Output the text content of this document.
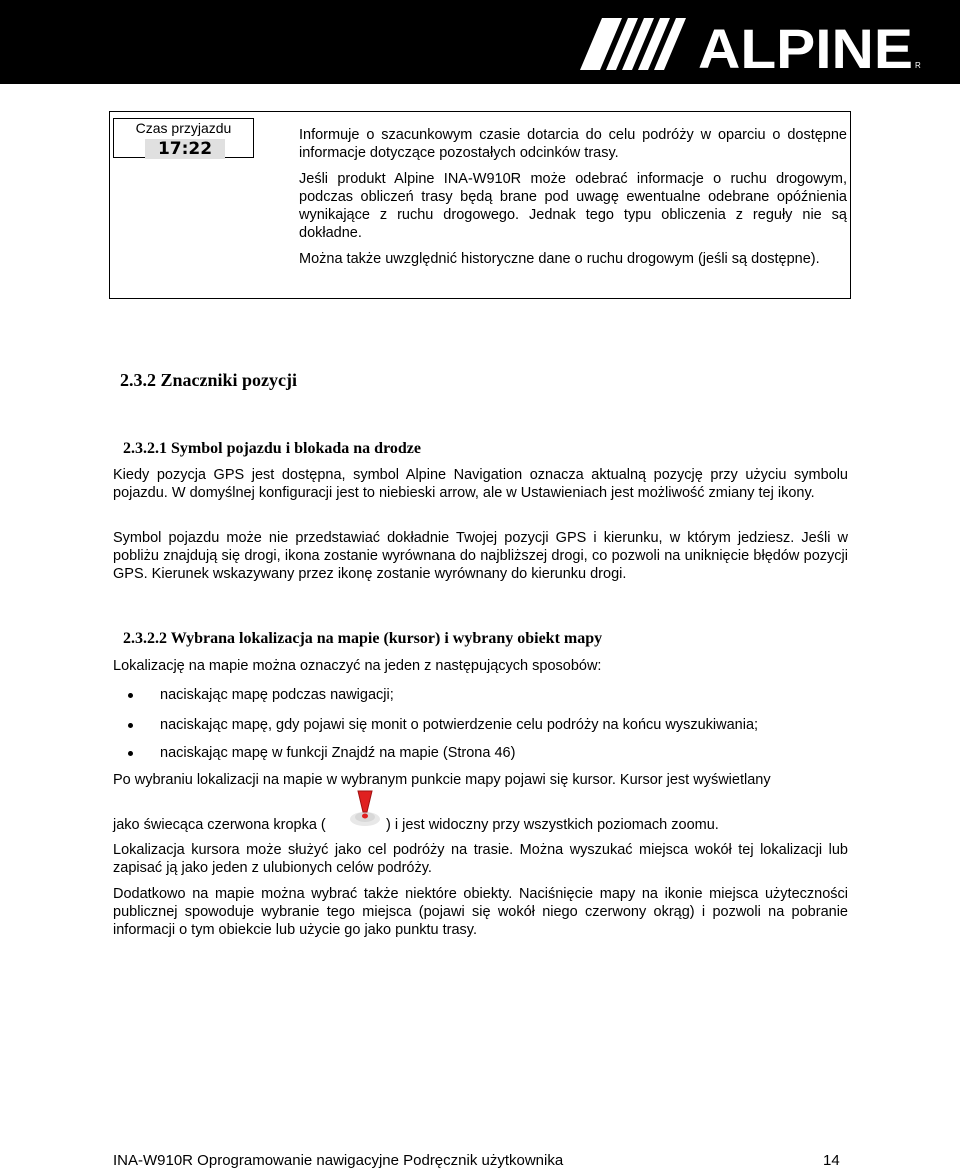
ALPINE R
Czas przyjazdu
17:22

Informuje o szacunkowym czasie dotarcia do celu podróży w oparciu o dostępne informacje dotyczące pozostałych odcinków trasy.

Jeśli produkt Alpine INA-W910R może odebrać informacje o ruchu drogowym, podczas obliczeń trasy będą brane pod uwagę ewentualne odebrane opóźnienia wynikające z ruchu drogowego. Jednak tego typu obliczenia z reguły nie są dokładne.

Można także uwzględnić historyczne dane o ruchu drogowym (jeśli są dostępne).

2.3.2 Znaczniki pozycji
2.3.2.1 Symbol pojazdu i blokada na drodze

Kiedy pozycja GPS jest dostępna, symbol Alpine Navigation oznacza aktualną pozycję przy użyciu symbolu pojazdu. W domyślnej konfiguracji jest to niebieski arrow, ale w Ustawieniach jest możliwość zmiany tej ikony.

Symbol pojazdu może nie przedstawiać dokładnie Twojej pozycji GPS i kierunku, w którym jedziesz. Jeśli w pobliżu znajdują się drogi, ikona zostanie wyrównana do najbliższej drogi, co pozwoli na uniknięcie błędów pozycji GPS. Kierunek wskazywany przez ikonę zostanie wyrównany do kierunku drogi.

2.3.2.2 Wybrana lokalizacja na mapie (kursor) i wybrany obiekt mapy

Lokalizację na mapie można oznaczyć na jeden z następujących sposobów:

naciskając mapę podczas nawigacji;
naciskając mapę, gdy pojawi się monit o potwierdzenie celu podróży na końcu wyszukiwania;
naciskając mapę w funkcji Znajdź na mapie (Strona 46)

Po wybraniu lokalizacji na mapie w wybranym punkcie mapy pojawi się kursor. Kursor jest wyświetlany

jako świecąca czerwona kropka (	) i jest widoczny przy wszystkich poziomach zoomu.

Lokalizacja kursora może służyć jako cel podróży na trasie. Można wyszukać miejsca wokół tej lokalizacji lub zapisać ją jako jeden z ulubionych celów podróży.

Dodatkowo na mapie można wybrać także niektóre obiekty. Naciśnięcie mapy na ikonie miejsca użyteczności publicznej spowoduje wybranie tego miejsca (pojawi się wokół niego czerwony okrąg) i pozwoli na pobranie informacji o tym obiekcie lub użycie go jako punktu trasy.

INA-W910R Oprogramowanie nawigacyjne Podręcznik użytkownika	14
